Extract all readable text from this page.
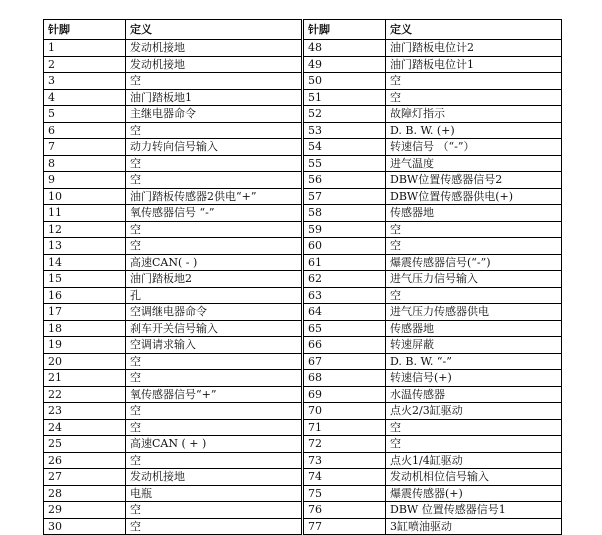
针脚	定义		针脚	定义
1	发动机接地		48	油门踏板电位计2
2	发动机接地		49	油门踏板电位计1
3	空		50	空
4	油门踏板地1		51	空
5	主继电器命令		52	故障灯指示
6	空		53	D. B. W. (+)
7	动力转向信号输入		54	转速信号 （“-”）
8	空		55	进气温度
9	空		56	DBW位置传感器信号2
10	油门踏板传感器2供电“+”		57	DBW位置传感器供电(+)
11	氧传感器信号 “-”		58	传感器地
12	空		59	空
13	空		60	空
14	高速CAN( - )		61	爆震传感器信号(“-”)
15	油门踏板地2		62	进气压力信号输入
16	孔		63	空
17	空调继电器命令		64	进气压力传感器供电
18	刹车开关信号输入		65	传感器地
19	空调请求输入		66	转速屏蔽
20	空		67	D. B. W. “-”
21	空		68	转速信号(+)
22	氧传感器信号“+”		69	水温传感器
23	空		70	点火2/3缸驱动
24	空		71	空
25	高速CAN ( + )		72	空
26	空		73	点火1/4缸驱动
27	发动机接地		74	发动机相位信号输入
28	电瓶		75	爆震传感器(+)
29	空		76	DBW 位置传感器信号1
30	空		77	3缸喷油驱动
